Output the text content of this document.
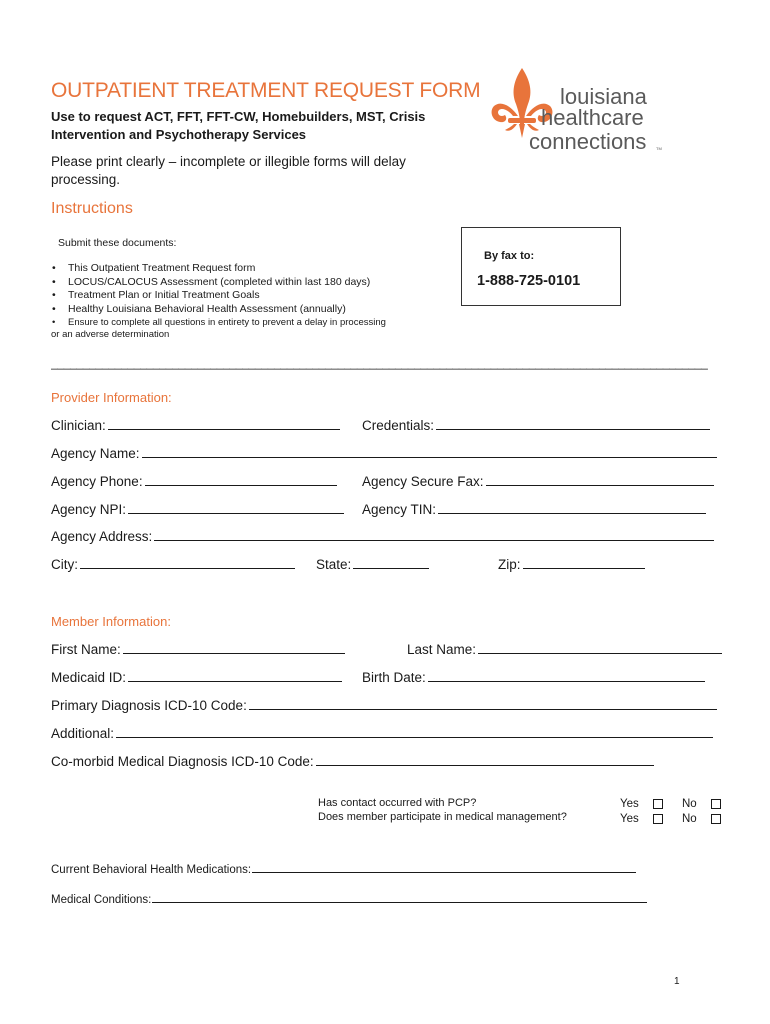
OUTPATIENT TREATMENT REQUEST FORM
Use to request ACT, FFT, FFT-CW, Homebuilders, MST, Crisis Intervention and Psychotherapy Services
Please print clearly – incomplete or illegible forms will delay processing.
louisiana
healthcare
connections TM
Instructions
Submit these documents:
• This Outpatient Treatment Request form
• LOCUS/CALOCUS Assessment (completed within last 180 days)
• Treatment Plan or Initial Treatment Goals
• Healthy Louisiana Behavioral Health Assessment (annually)
• Ensure to complete all questions in entirety to prevent a delay in processing
or an adverse determination
By fax to:
1-888-725-0101
_______________________________________________________________________________________________________
Provider Information:
Clinician:	Credentials:
Agency Name:
Agency Phone:	Agency Secure Fax:
Agency NPI:	Agency TIN:
Agency Address:
City:	State:	Zip:
Member Information:
First Name:	Last Name:
Medicaid ID:	Birth Date:
Primary Diagnosis ICD-10 Code:
Additional:
Co-morbid Medical Diagnosis ICD-10 Code:
Has contact occurred with PCP?
Does member participate in medical management?
Yes	No
Yes	No
Current Behavioral Health Medications:
Medical Conditions:
1
